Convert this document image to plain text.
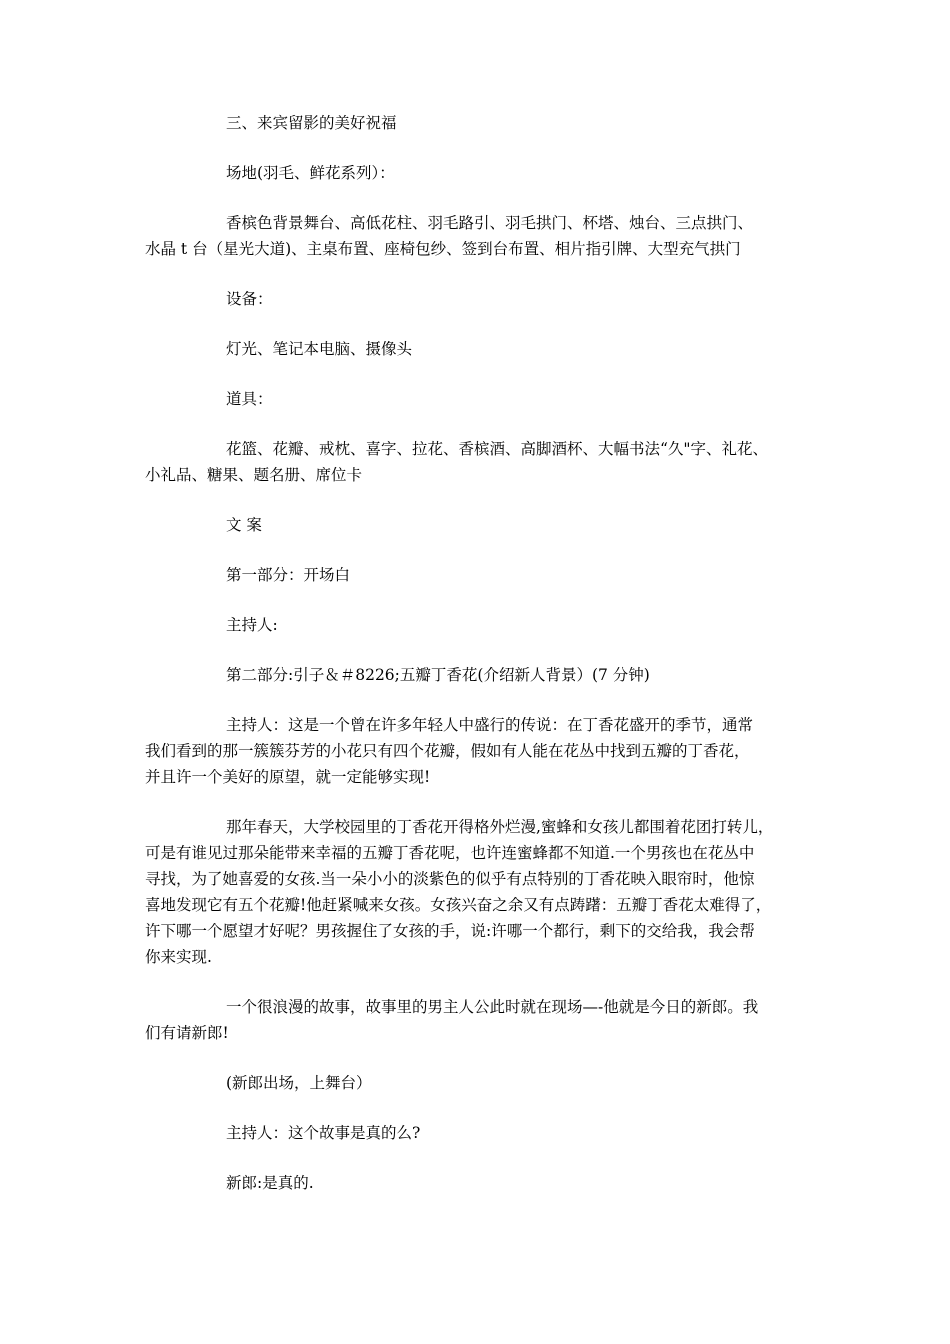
三、来宾留影的美好祝福
场地(羽毛、鲜花系列）：
香槟色背景舞台、高低花柱、羽毛路引、羽毛拱门、杯塔、烛台、三点拱门、
水晶 t 台（星光大道)、主桌布置、座椅包纱、签到台布置、相片指引牌、大型充气拱门
设备：
灯光、笔记本电脑、摄像头
道具：
花篮、花瓣、戒枕、喜字、拉花、香槟酒、高脚酒杯、大幅书法“久"字、礼花、
小礼品、糖果、题名册、席位卡
文 案
第一部分：开场白
主持人:
第二部分:引子＆＃8226;五瓣丁香花(介绍新人背景）(7 分钟)
主持人：这是一个曾在许多年轻人中盛行的传说：在丁香花盛开的季节，通常
我们看到的那一簇簇芬芳的小花只有四个花瓣，假如有人能在花丛中找到五瓣的丁香花，
并且许一个美好的原望，就一定能够实现!
那年春天，大学校园里的丁香花开得格外烂漫,蜜蜂和女孩儿都围着花团打转儿，
可是有谁见过那朵能带来幸福的五瓣丁香花呢，也许连蜜蜂都不知道.一个男孩也在花丛中
寻找，为了她喜爱的女孩.当一朵小小的淡紫色的似乎有点特别的丁香花映入眼帘时，他惊
喜地发现它有五个花瓣!他赶紧喊来女孩。女孩兴奋之余又有点踌躇：五瓣丁香花太难得了，
许下哪一个愿望才好呢？男孩握住了女孩的手，说:许哪一个都行，剩下的交给我，我会帮
你来实现.
一个很浪漫的故事，故事里的男主人公此时就在现场—-他就是今日的新郎。我
们有请新郎!
(新郎出场，上舞台）
主持人：这个故事是真的么?
新郎:是真的.
